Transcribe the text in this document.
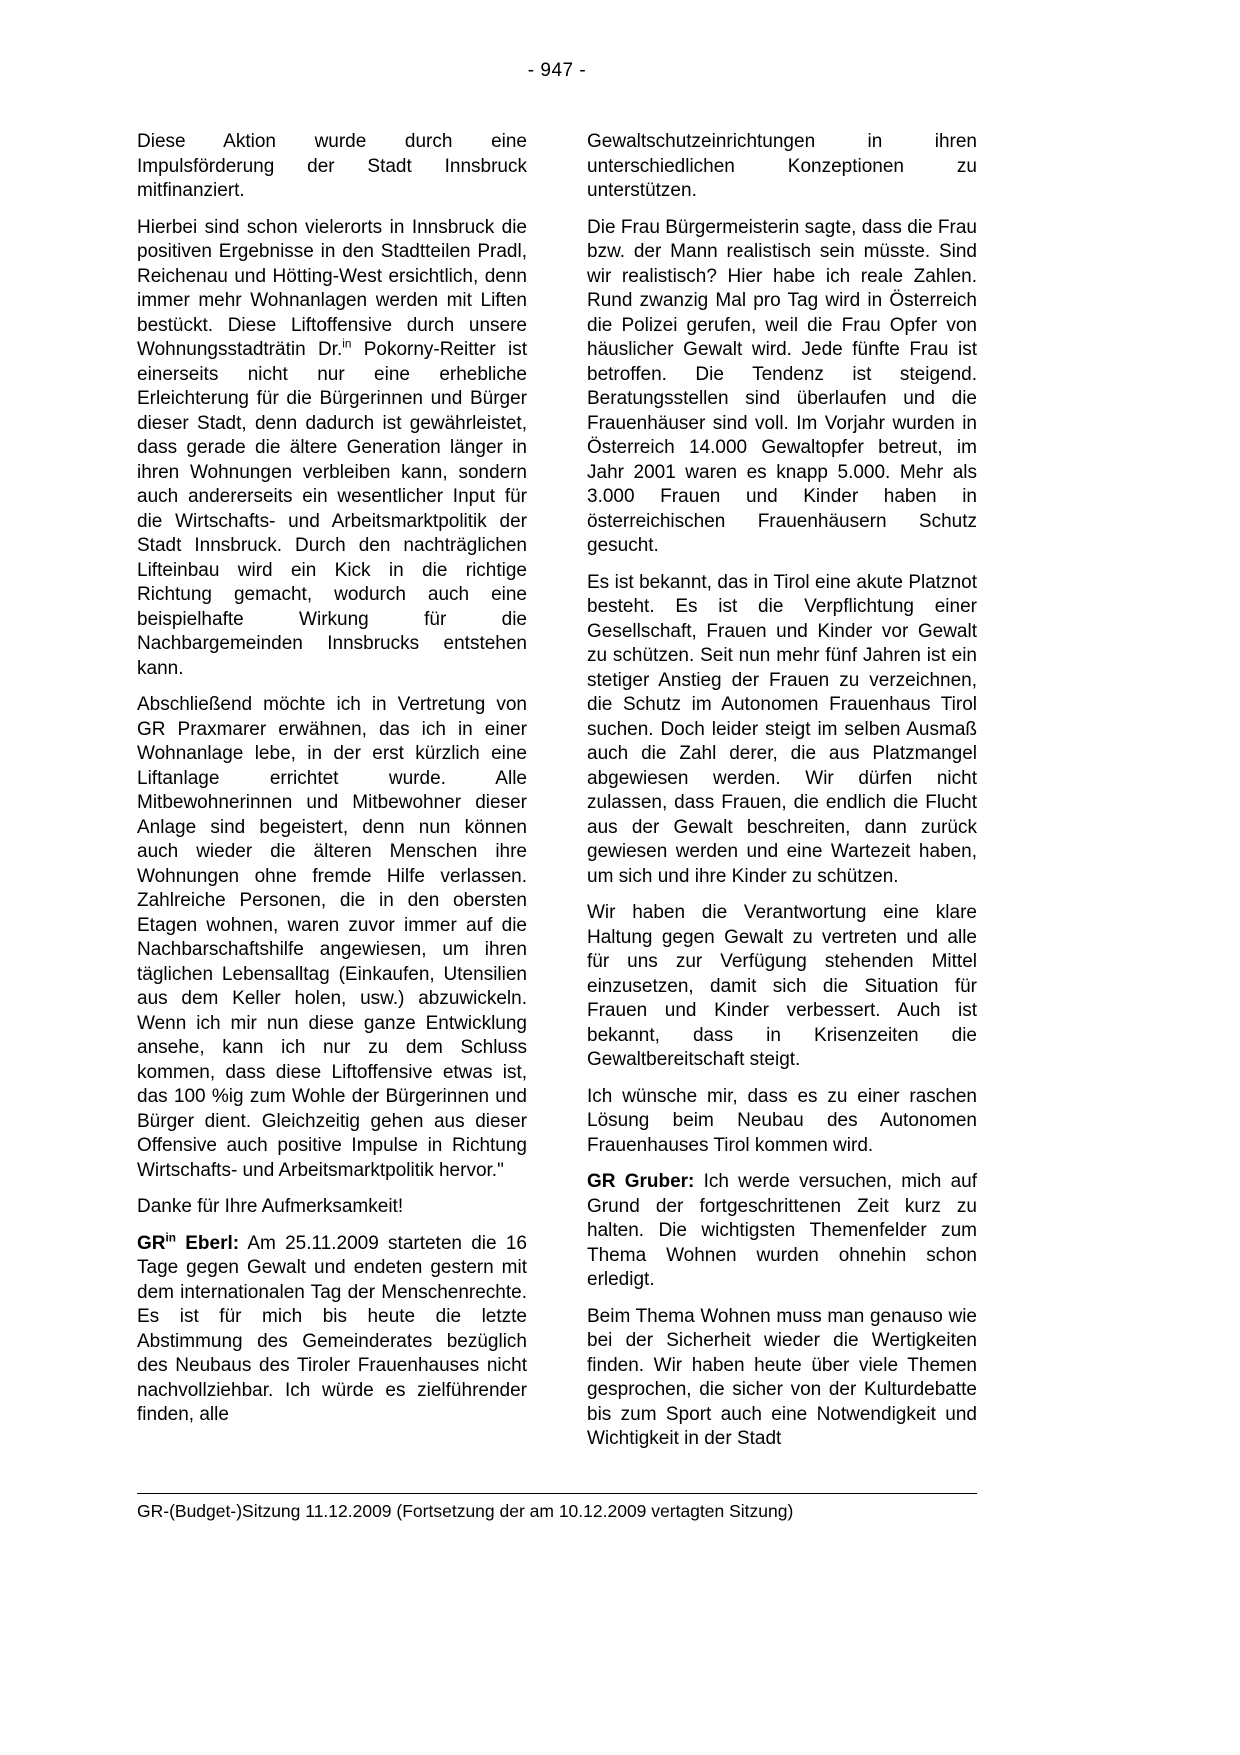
- 947 -

Diese Aktion wurde durch eine Impulsförderung der Stadt Innsbruck mitfinanziert.

Hierbei sind schon vielerorts in Innsbruck die positiven Ergebnisse in den Stadtteilen Pradl, Reichenau und Hötting-West ersichtlich, denn immer mehr Wohnanlagen werden mit Liften bestückt. Diese Liftoffensive durch unsere Wohnungsstadträtin Dr.$^{in}$ Pokorny-Reitter ist einerseits nicht nur eine erhebliche Erleichterung für die Bürgerinnen und Bürger dieser Stadt, denn dadurch ist gewährleistet, dass gerade die ältere Generation länger in ihren Wohnungen verbleiben kann, sondern auch andererseits ein wesentlicher Input für die Wirtschafts- und Arbeitsmarktpolitik der Stadt Innsbruck. Durch den nachträglichen Lifteinbau wird ein Kick in die richtige Richtung gemacht, wodurch auch eine beispielhafte Wirkung für die Nachbargemeinden Innsbrucks entstehen kann.

Abschließend möchte ich in Vertretung von GR Praxmarer erwähnen, das ich in einer Wohnanlage lebe, in der erst kürzlich eine Liftanlage errichtet wurde. Alle Mitbewohnerinnen und Mitbewohner dieser Anlage sind begeistert, denn nun können auch wieder die älteren Menschen ihre Wohnungen ohne fremde Hilfe verlassen. Zahlreiche Personen, die in den obersten Etagen wohnen, waren zuvor immer auf die Nachbarschaftshilfe angewiesen, um ihren täglichen Lebensalltag (Einkaufen, Utensilien aus dem Keller holen, usw.) abzuwickeln. Wenn ich mir nun diese ganze Entwicklung ansehe, kann ich nur zu dem Schluss kommen, dass diese Liftoffensive etwas ist, das 100 %ig zum Wohle der Bürgerinnen und Bürger dient. Gleichzeitig gehen aus dieser Offensive auch positive Impulse in Richtung Wirtschafts- und Arbeitsmarktpolitik hervor."

Danke für Ihre Aufmerksamkeit!

$GR^{in}$ Eberl: Am 25.11.2009 starteten die 16 Tage gegen Gewalt und endeten gestern mit dem internationalen Tag der Menschenrechte. Es ist für mich bis heute die letzte Abstimmung des Gemeinderates bezüglich des Neubaus des Tiroler Frauenhauses nicht nachvollziehbar. Ich würde es zielführender finden, alle

Gewaltschutzeinrichtungen in ihren unterschiedlichen Konzeptionen zu unterstützen.

Die Frau Bürgermeisterin sagte, dass die Frau bzw. der Mann realistisch sein müsste. Sind wir realistisch? Hier habe ich reale Zahlen. Rund zwanzig Mal pro Tag wird in Österreich die Polizei gerufen, weil die Frau Opfer von häuslicher Gewalt wird. Jede fünfte Frau ist betroffen. Die Tendenz ist steigend. Beratungsstellen sind überlaufen und die Frauenhäuser sind voll. Im Vorjahr wurden in Österreich 14.000 Gewaltopfer betreut, im Jahr 2001 waren es knapp 5.000. Mehr als 3.000 Frauen und Kinder haben in österreichischen Frauenhäusern Schutz gesucht.

Es ist bekannt, das in Tirol eine akute Platznot besteht. Es ist die Verpflichtung einer Gesellschaft, Frauen und Kinder vor Gewalt zu schützen. Seit nun mehr fünf Jahren ist ein stetiger Anstieg der Frauen zu verzeichnen, die Schutz im Autonomen Frauenhaus Tirol suchen. Doch leider steigt im selben Ausmaß auch die Zahl derer, die aus Platzmangel abgewiesen werden. Wir dürfen nicht zulassen, dass Frauen, die endlich die Flucht aus der Gewalt beschreiten, dann zurück gewiesen werden und eine Wartezeit haben, um sich und ihre Kinder zu schützen.

Wir haben die Verantwortung eine klare Haltung gegen Gewalt zu vertreten und alle für uns zur Verfügung stehenden Mittel einzusetzen, damit sich die Situation für Frauen und Kinder verbessert. Auch ist bekannt, dass in Krisenzeiten die Gewaltbereitschaft steigt.

Ich wünsche mir, dass es zu einer raschen Lösung beim Neubau des Autonomen Frauenhauses Tirol kommen wird.

GR Gruber: Ich werde versuchen, mich auf Grund der fortgeschrittenen Zeit kurz zu halten. Die wichtigsten Themenfelder zum Thema Wohnen wurden ohnehin schon erledigt.

Beim Thema Wohnen muss man genauso wie bei der Sicherheit wieder die Wertigkeiten finden. Wir haben heute über viele Themen gesprochen, die sicher von der Kulturdebatte bis zum Sport auch eine Notwendigkeit und Wichtigkeit in der Stadt

GR-(Budget-)Sitzung 11.12.2009 (Fortsetzung der am 10.12.2009 vertagten Sitzung)
